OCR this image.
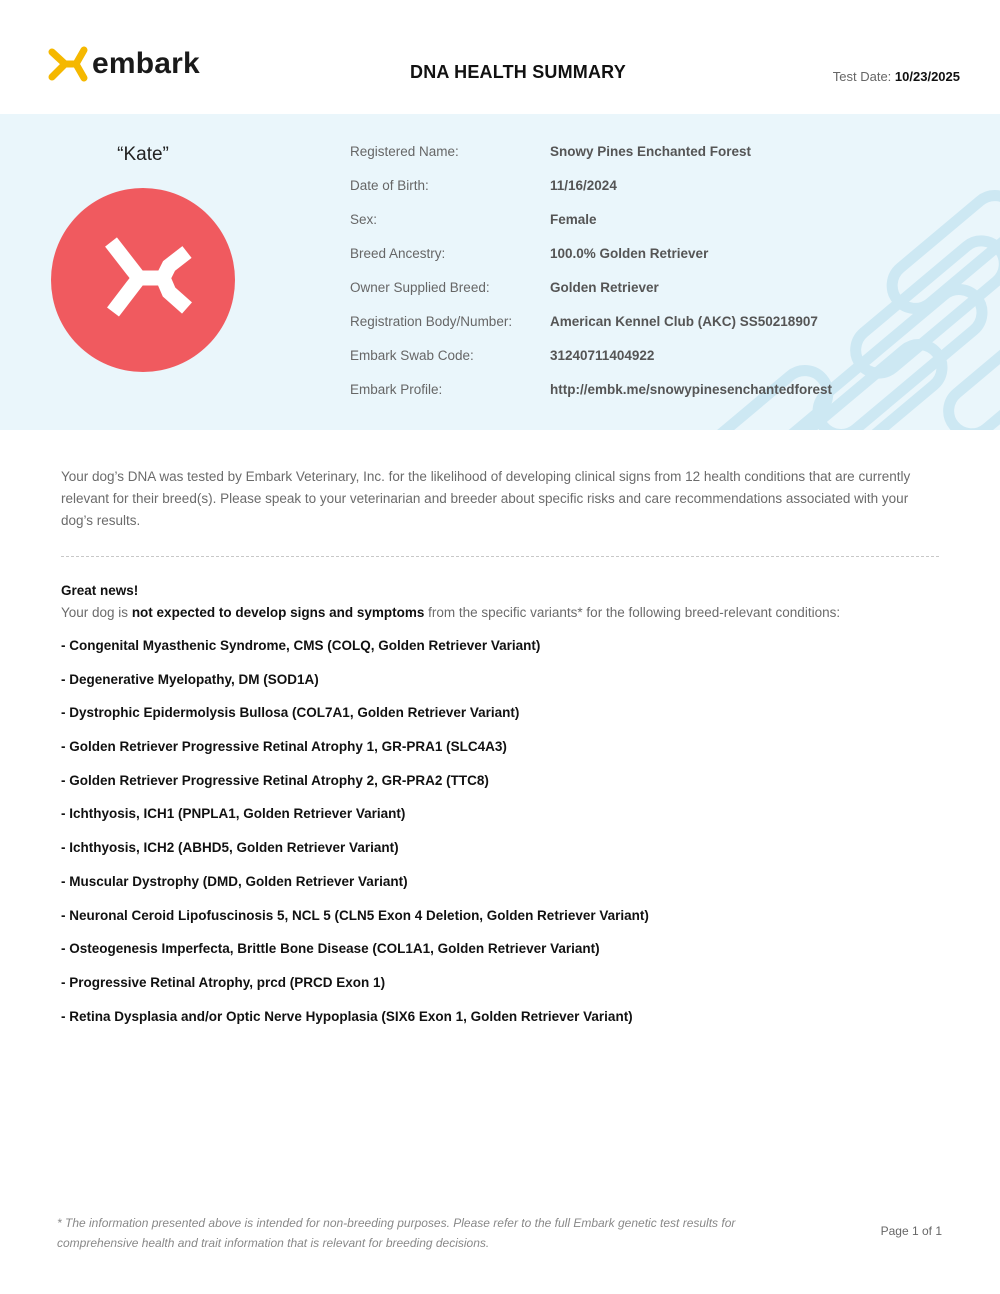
embark	DNA HEALTH SUMMARY	Test Date: 10/23/2025
“Kate”	Registered Name:	Snowy Pines Enchanted Forest
Date of Birth:	11/16/2024
Sex:	Female
Breed Ancestry:	100.0% Golden Retriever
Owner Supplied Breed:	Golden Retriever
Registration Body/Number:	American Kennel Club (AKC) SS50218907
Embark Swab Code:	31240711404922
Embark Profile:	http://embk.me/snowypinesenchantedforest
Your dog’s DNA was tested by Embark Veterinary, Inc. for the likelihood of developing clinical signs from 12 health conditions that are currently relevant for their breed(s). Please speak to your veterinarian and breeder about specific risks and care recommendations associated with your dog’s results.
Great news!
Your dog is not expected to develop signs and symptoms from the specific variants* for the following breed-relevant conditions:
- Congenital Myasthenic Syndrome, CMS (COLQ, Golden Retriever Variant)
- Degenerative Myelopathy, DM (SOD1A)
- Dystrophic Epidermolysis Bullosa (COL7A1, Golden Retriever Variant)
- Golden Retriever Progressive Retinal Atrophy 1, GR-PRA1 (SLC4A3)
- Golden Retriever Progressive Retinal Atrophy 2, GR-PRA2 (TTC8)
- Ichthyosis, ICH1 (PNPLA1, Golden Retriever Variant)
- Ichthyosis, ICH2 (ABHD5, Golden Retriever Variant)
- Muscular Dystrophy (DMD, Golden Retriever Variant)
- Neuronal Ceroid Lipofuscinosis 5, NCL 5 (CLN5 Exon 4 Deletion, Golden Retriever Variant)
- Osteogenesis Imperfecta, Brittle Bone Disease (COL1A1, Golden Retriever Variant)
- Progressive Retinal Atrophy, prcd (PRCD Exon 1)
- Retina Dysplasia and/or Optic Nerve Hypoplasia (SIX6 Exon 1, Golden Retriever Variant)
* The information presented above is intended for non-breeding purposes. Please refer to the full Embark genetic test results for comprehensive health and trait information that is relevant for breeding decisions.
Page 1 of 1
